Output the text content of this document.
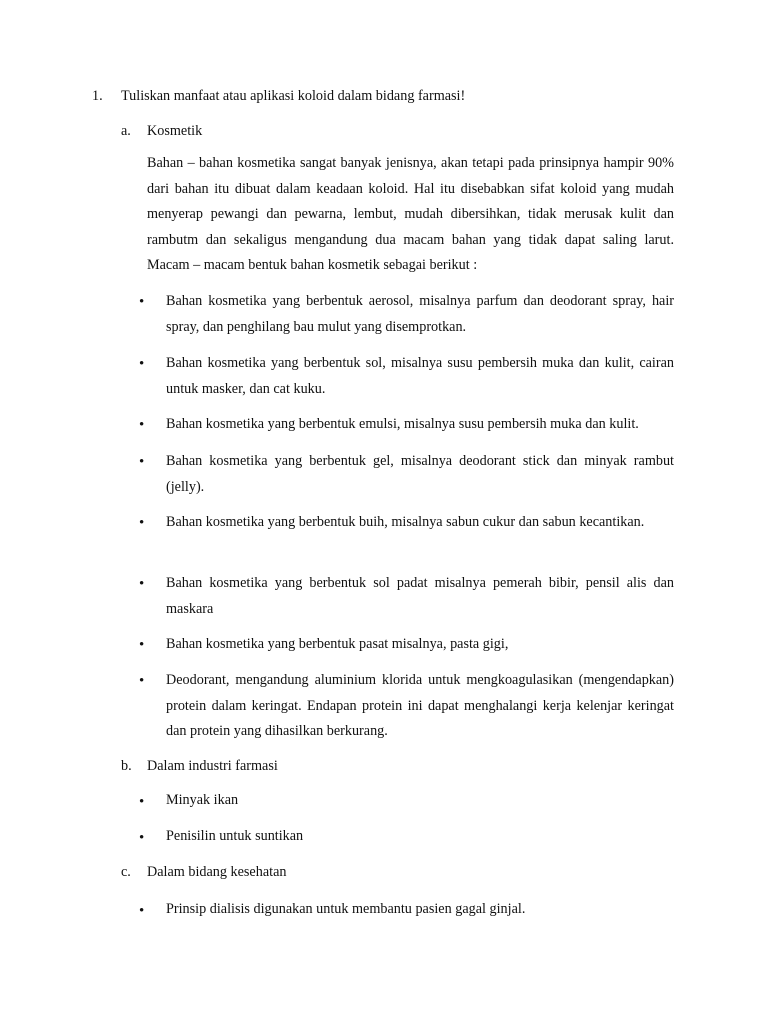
1. Tuliskan manfaat atau aplikasi koloid dalam bidang farmasi!
a. Kosmetik
Bahan – bahan kosmetika sangat banyak jenisnya, akan tetapi pada prinsipnya hampir 90% dari bahan itu dibuat dalam keadaan koloid. Hal itu disebabkan sifat koloid yang mudah menyerap pewangi dan pewarna, lembut, mudah dibersihkan, tidak merusak kulit dan rambutm dan sekaligus mengandung dua macam bahan yang tidak dapat saling larut. Macam – macam bentuk bahan kosmetik sebagai berikut :
• Bahan kosmetika yang berbentuk aerosol, misalnya parfum dan deodorant spray, hair spray, dan penghilang bau mulut yang disemprotkan.
• Bahan kosmetika yang berbentuk sol, misalnya susu pembersih muka dan kulit, cairan untuk masker, dan cat kuku.
• Bahan kosmetika yang berbentuk emulsi, misalnya susu pembersih muka dan kulit.
• Bahan kosmetika yang berbentuk gel, misalnya deodorant stick dan minyak rambut (jelly).
• Bahan kosmetika yang berbentuk buih, misalnya sabun cukur dan sabun kecantikan.
• Bahan kosmetika yang berbentuk sol padat misalnya pemerah bibir, pensil alis dan maskara
• Bahan kosmetika yang berbentuk pasat misalnya, pasta gigi,
• Deodorant, mengandung aluminium klorida untuk mengkoagulasikan (mengendapkan) protein dalam keringat. Endapan protein ini dapat menghalangi kerja kelenjar keringat dan protein yang dihasilkan berkurang.
b. Dalam industri farmasi
• Minyak ikan
• Penisilin untuk suntikan
c. Dalam bidang kesehatan
• Prinsip dialisis digunakan untuk membantu pasien gagal ginjal.
